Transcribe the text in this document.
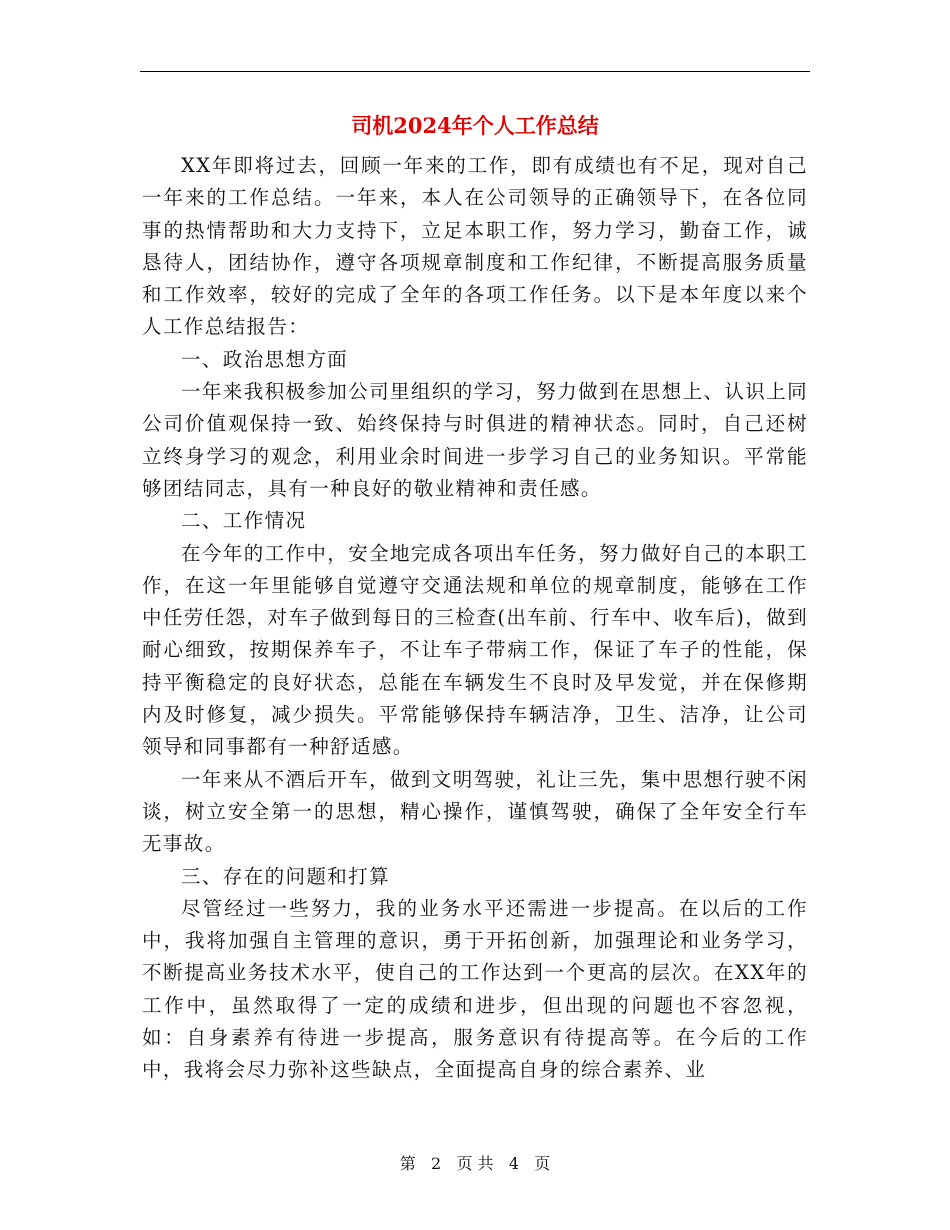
司机2024年个人工作总结

XX年即将过去，回顾一年来的工作，即有成绩也有不足，现对自己一年来的工作总结。一年来，本人在公司领导的正确领导下，在各位同事的热情帮助和大力支持下，立足本职工作，努力学习，勤奋工作，诚恳待人，团结协作，遵守各项规章制度和工作纪律，不断提高服务质量和工作效率，较好的完成了全年的各项工作任务。以下是本年度以来个人工作总结报告：

一、政治思想方面

一年来我积极参加公司里组织的学习，努力做到在思想上、认识上同公司价值观保持一致、始终保持与时俱进的精神状态。同时，自己还树立终身学习的观念，利用业余时间进一步学习自己的业务知识。平常能够团结同志，具有一种良好的敬业精神和责任感。

二、工作情况

在今年的工作中，安全地完成各项出车任务，努力做好自己的本职工作，在这一年里能够自觉遵守交通法规和单位的规章制度，能够在工作中任劳任怨，对车子做到每日的三检查(出车前、行车中、收车后)，做到耐心细致，按期保养车子，不让车子带病工作，保证了车子的性能，保持平衡稳定的良好状态，总能在车辆发生不良时及早发觉，并在保修期内及时修复，减少损失。平常能够保持车辆洁净，卫生、洁净，让公司领导和同事都有一种舒适感。

一年来从不酒后开车，做到文明驾驶，礼让三先，集中思想行驶不闲谈，树立安全第一的思想，精心操作，谨慎驾驶，确保了全年安全行车无事故。

三、存在的问题和打算

尽管经过一些努力，我的业务水平还需进一步提高。在以后的工作中，我将加强自主管理的意识，勇于开拓创新，加强理论和业务学习，不断提高业务技术水平，使自己的工作达到一个更高的层次。在XX年的工作中，虽然取得了一定的成绩和进步，但出现的问题也不容忽视，如：自身素养有待进一步提高，服务意识有待提高等。在今后的工作中，我将会尽力弥补这些缺点，全面提高自身的综合素养、业

第 2 页 共 4 页
